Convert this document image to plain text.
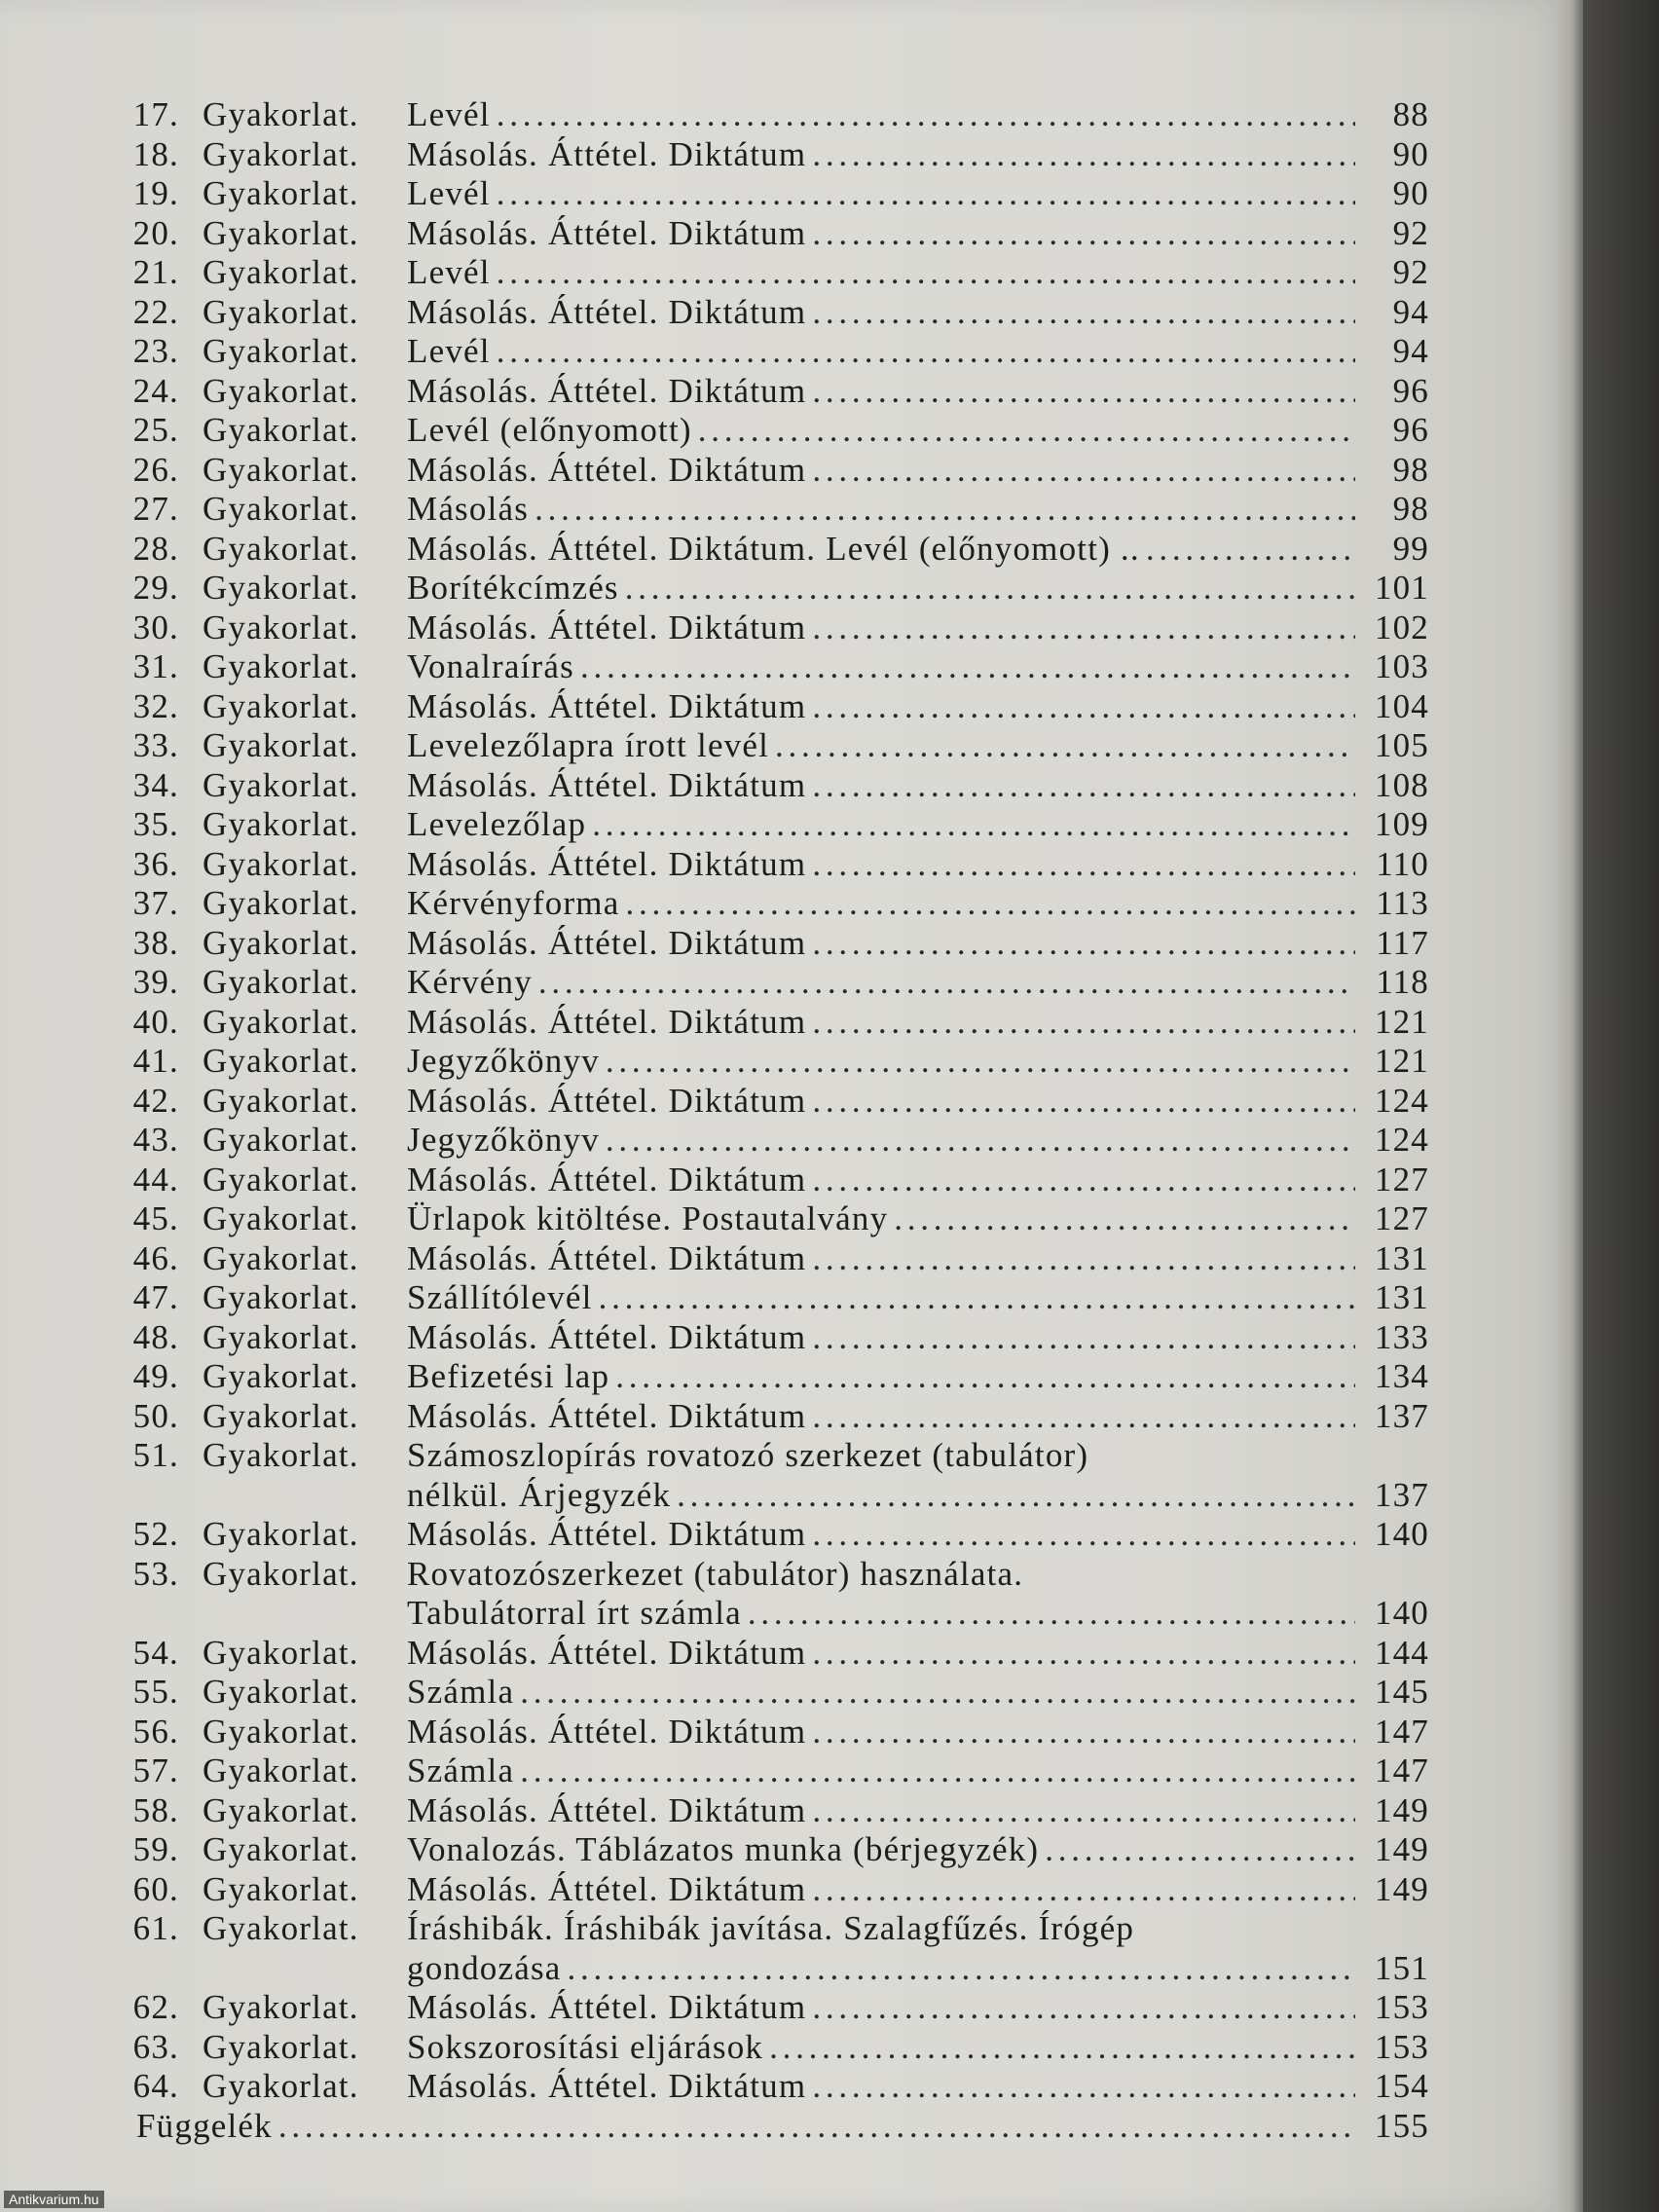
17. Gyakorlat. Levél . . .	88
18. Gyakorlat. Másolás. Áttétel. Diktátum . . .	90
19. Gyakorlat. Levél . . .	90
20. Gyakorlat. Másolás. Áttétel. Diktátum . . .	92
21. Gyakorlat. Levél . . .	92
22. Gyakorlat. Másolás. Áttétel. Diktátum . . .	94
23. Gyakorlat. Levél . . .	94
24. Gyakorlat. Másolás. Áttétel. Diktátum . . .	96
25. Gyakorlat. Levél (előnyomott) . . .	96
26. Gyakorlat. Másolás. Áttétel. Diktátum . . .	98
27. Gyakorlat. Másolás . . .	98
28. Gyakorlat. Másolás. Áttétel. Diktátum. Levél (előnyomott) .. . . .	99
29. Gyakorlat. Borítékcímzés . . .	101
30. Gyakorlat. Másolás. Áttétel. Diktátum . . .	102
31. Gyakorlat. Vonalraírás . . .	103
32. Gyakorlat. Másolás. Áttétel. Diktátum . . .	104
33. Gyakorlat. Levelezőlapra írott levél . . .	105
34. Gyakorlat. Másolás. Áttétel. Diktátum . . .	108
35. Gyakorlat. Levelezőlap . . .	109
36. Gyakorlat. Másolás. Áttétel. Diktátum . . .	110
37. Gyakorlat. Kérvényforma . . .	113
38. Gyakorlat. Másolás. Áttétel. Diktátum . . .	117
39. Gyakorlat. Kérvény . . .	118
40. Gyakorlat. Másolás. Áttétel. Diktátum . . .	121
41. Gyakorlat. Jegyzőkönyv . . .	121
42. Gyakorlat. Másolás. Áttétel. Diktátum . . .	124
43. Gyakorlat. Jegyzőkönyv . . .	124
44. Gyakorlat. Másolás. Áttétel. Diktátum . . .	127
45. Gyakorlat. Ürlapok kitöltése. Postautalvány . . .	127
46. Gyakorlat. Másolás. Áttétel. Diktátum . . .	131
47. Gyakorlat. Szállítólevél . . .	131
48. Gyakorlat. Másolás. Áttétel. Diktátum . . .	133
49. Gyakorlat. Befizetési lap . . .	134
50. Gyakorlat. Másolás. Áttétel. Diktátum . . .	137
51. Gyakorlat. Számoszlopírás rovatozó szerkezet (tabulátor)
nélkül. Árjegyzék . . .	137
52. Gyakorlat. Másolás. Áttétel. Diktátum . . .	140
53. Gyakorlat. Rovatozószerkezet (tabulátor) használata.
Tabulátorral írt számla . . .	140
54. Gyakorlat. Másolás. Áttétel. Diktátum . . .	144
55. Gyakorlat. Számla . . .	145
56. Gyakorlat. Másolás. Áttétel. Diktátum . . .	147
57. Gyakorlat. Számla . . .	147
58. Gyakorlat. Másolás. Áttétel. Diktátum . . .	149
59. Gyakorlat. Vonalozás. Táblázatos munka (bérjegyzék) . . .	149
60. Gyakorlat. Másolás. Áttétel. Diktátum . . .	149
61. Gyakorlat. Íráshibák. Íráshibák javítása. Szalagfűzés. Írógép
gondozása . . .	151
62. Gyakorlat. Másolás. Áttétel. Diktátum . . .	153
63. Gyakorlat. Sokszorosítási eljárások . . .	153
64. Gyakorlat. Másolás. Áttétel. Diktátum . . .	154
Függelék . . .	155
Antikvarium.hu
